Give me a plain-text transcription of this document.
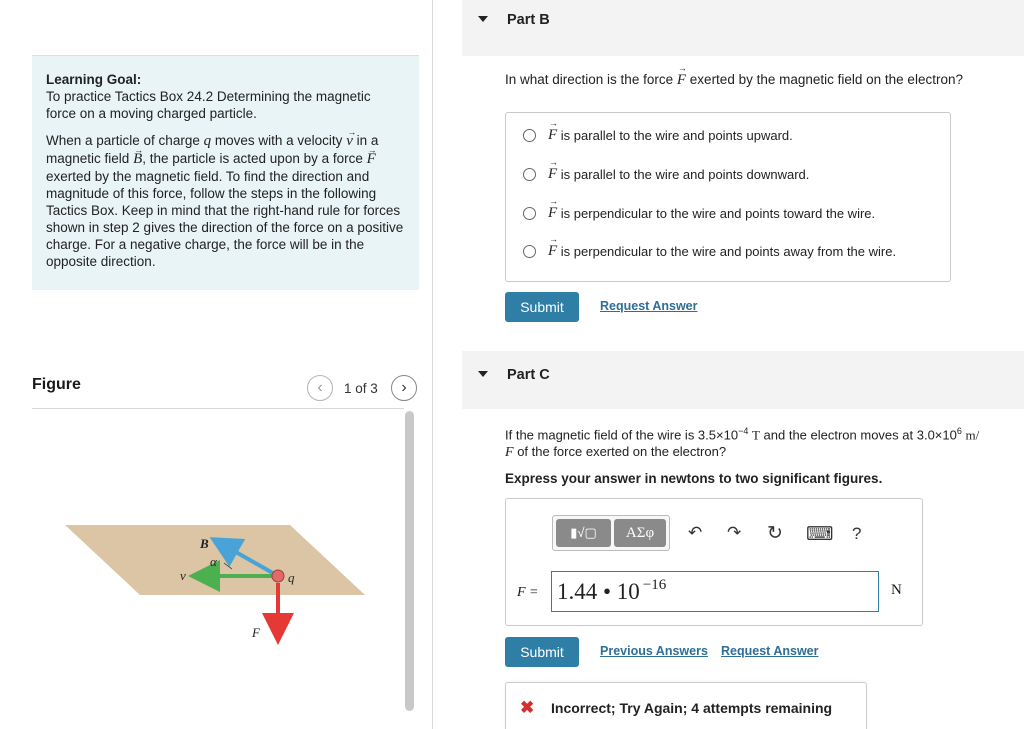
Learning Goal:
To practice Tactics Box 24.2 Determining the magnetic
force on a moving charged particle.
When a particle of charge q moves with a velocity → v in a magnetic field → B, the particle is acted upon by a force → F exerted by the magnetic field. To find the direction and magnitude of this force, follow the steps in the following Tactics Box. Keep in mind that the right-hand rule for forces shown in step 2 gives the direction of the force on a positive charge. For a negative charge, the force will be in the opposite direction.
Figure	‹ 1 of 3 ›
B
α
v	q
F
Part B
In what direction is the force → F exerted by the magnetic field on the electron?
→ F
is parallel to the wire and points upward.
→ F
is parallel to the wire and points downward.
→ F
is perpendicular to the wire and points toward the wire.
→ F
is perpendicular to the wire and points away from the wire.
Submit	Request Answer
Part C
If the magnetic field of the wire is $3.5\times 10^{-4}$ T and the electron moves at $3.0\times 10^6$ m/
F of the force exerted on the electron?
Express your answer in newtons to two significant figures.
▮√▢	ΑΣφ	↶ ↷ ↻ ⌨ ?
F = 1.44 • $10^{-16}$	N
Submit	Previous Answers Request Answer
✖ Incorrect; Try Again; 4 attempts remaining
